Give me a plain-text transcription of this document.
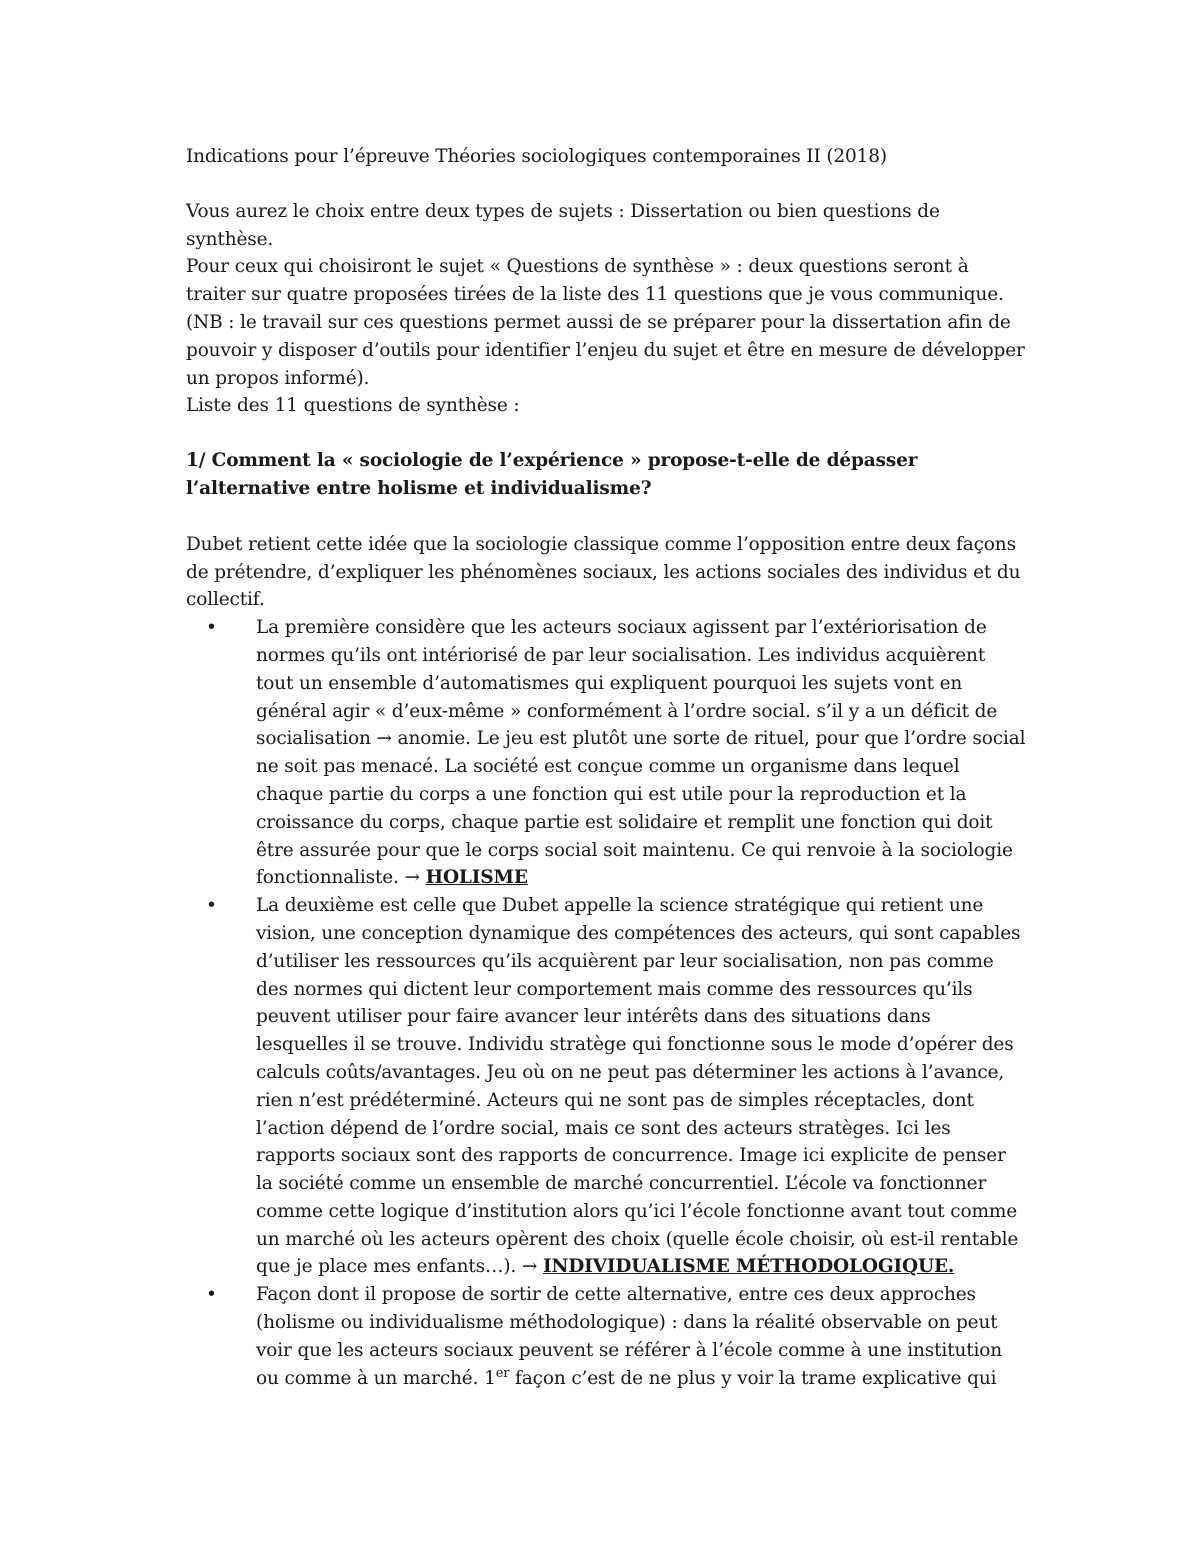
Indications pour l’épreuve Théories sociologiques contemporaines II (2018)

Vous aurez le choix entre deux types de sujets : Dissertation ou bien questions de synthèse.

Pour ceux qui choisiront le sujet « Questions de synthèse » : deux questions seront à traiter sur quatre proposées tirées de la liste des 11 questions que je vous communique. (NB : le travail sur ces questions permet aussi de se préparer pour la dissertation afin de pouvoir y disposer d’outils pour identifier l’enjeu du sujet et être en mesure de développer un propos informé).

Liste des 11 questions de synthèse :

1/ Comment la « sociologie de l’expérience » propose-t-elle de dépasser l’alternative entre holisme et individualisme?

Dubet retient cette idée que la sociologie classique comme l’opposition entre deux façons de prétendre, d’expliquer les phénomènes sociaux, les actions sociales des individus et du collectif.

• La première considère que les acteurs sociaux agissent par l’extériorisation de normes qu’ils ont intériorisé de par leur socialisation. Les individus acquièrent tout un ensemble d’automatismes qui expliquent pourquoi les sujets vont en général agir « d’eux-même » conformément à l’ordre social. s’il y a un déficit de socialisation → anomie. Le jeu est plutôt une sorte de rituel, pour que l’ordre social ne soit pas menacé. La société est conçue comme un organisme dans lequel chaque partie du corps a une fonction qui est utile pour la reproduction et la croissance du corps, chaque partie est solidaire et remplit une fonction qui doit être assurée pour que le corps social soit maintenu. Ce qui renvoie à la sociologie fonctionnaliste. → HOLISME
• La deuxième est celle que Dubet appelle la science stratégique qui retient une vision, une conception dynamique des compétences des acteurs, qui sont capables d’utiliser les ressources qu’ils acquièrent par leur socialisation, non pas comme des normes qui dictent leur comportement mais comme des ressources qu’ils peuvent utiliser pour faire avancer leur intérêts dans des situations dans lesquelles il se trouve. Individu stratège qui fonctionne sous le mode d’opérer des calculs coûts/avantages. Jeu où on ne peut pas déterminer les actions à l’avance, rien n’est prédéterminé. Acteurs qui ne sont pas de simples réceptacles, dont l’action dépend de l’ordre social, mais ce sont des acteurs stratèges. Ici les rapports sociaux sont des rapports de concurrence. Image ici explicite de penser la société comme un ensemble de marché concurrentiel. L’école va fonctionner comme cette logique d’institution alors qu’ici l’école fonctionne avant tout comme un marché où les acteurs opèrent des choix (quelle école choisir, où est-il rentable que je place mes enfants…). → INDIVIDUALISME MÉTHODOLOGIQUE.
• Façon dont il propose de sortir de cette alternative, entre ces deux approches (holisme ou individualisme méthodologique) : dans la réalité observable on peut voir que les acteurs sociaux peuvent se référer à l’école comme à une institution ou comme à un marché. 1er façon c’est de ne plus y voir la trame explicative qui
